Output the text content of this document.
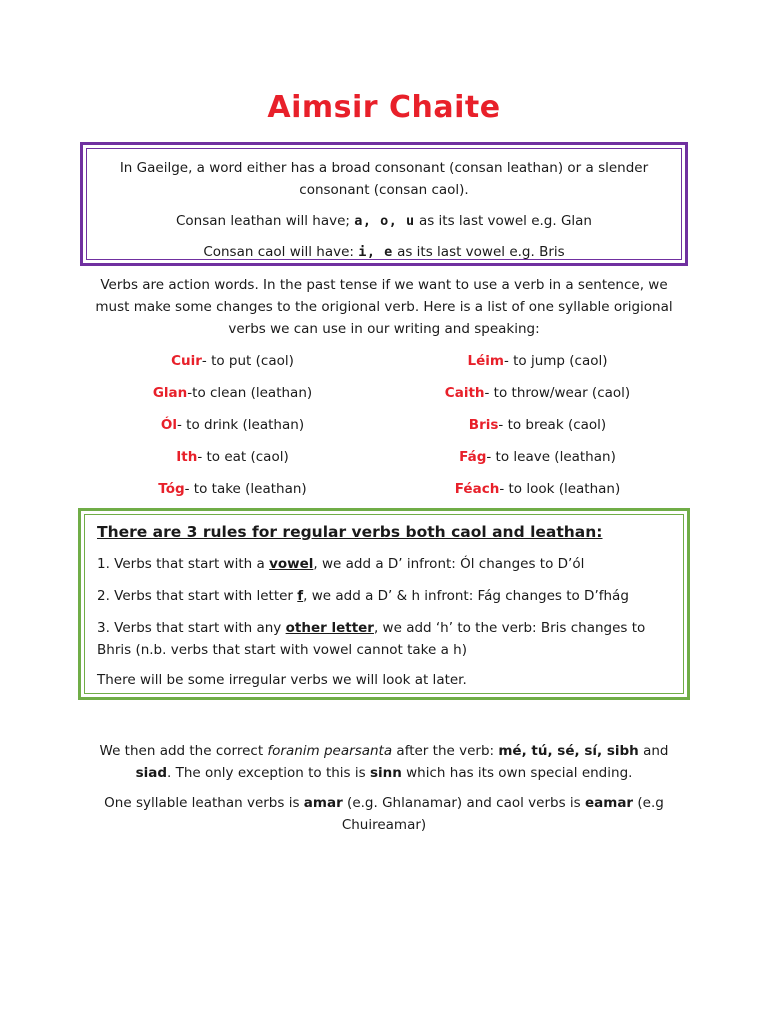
Aimsir Chaite

In Gaeilge, a word either has a broad consonant (consan leathan) or a slender consonant (consan caol).

Consan leathan will have; a, o, u as its last vowel e.g. Glan

Consan caol will have: i, e as its last vowel e.g. Bris

Verbs are action words. In the past tense if we want to use a verb in a sentence, we must make some changes to the origional verb. Here is a list of one syllable origional verbs we can use in our writing and speaking:
Cuir- to put (caol)	Léim- to jump (caol)
Glan-to clean (leathan)	Caith- to throw/wear (caol)
Ól- to drink (leathan)	Bris- to break (caol)
Ith- to eat (caol)	Fág- to leave (leathan)
Tóg- to take (leathan)	Féach- to look (leathan)

There are 3 rules for regular verbs both caol and leathan:

1. Verbs that start with a vowel, we add a D’ infront: Ól changes to D’ól

2. Verbs that start with letter f, we add a D’ & h infront: Fág changes to D’fhág

3. Verbs that start with any other letter, we add ‘h’ to the verb: Bris changes to Bhris (n.b. verbs that start with vowel cannot take a h)

There will be some irregular verbs we will look at later.

We then add the correct foranim pearsanta after the verb: mé, tú, sé, sí, sibh and siad. The only exception to this is sinn which has its own special ending.

One syllable leathan verbs is amar (e.g. Ghlanamar) and caol verbs is eamar (e.g Chuireamar)
